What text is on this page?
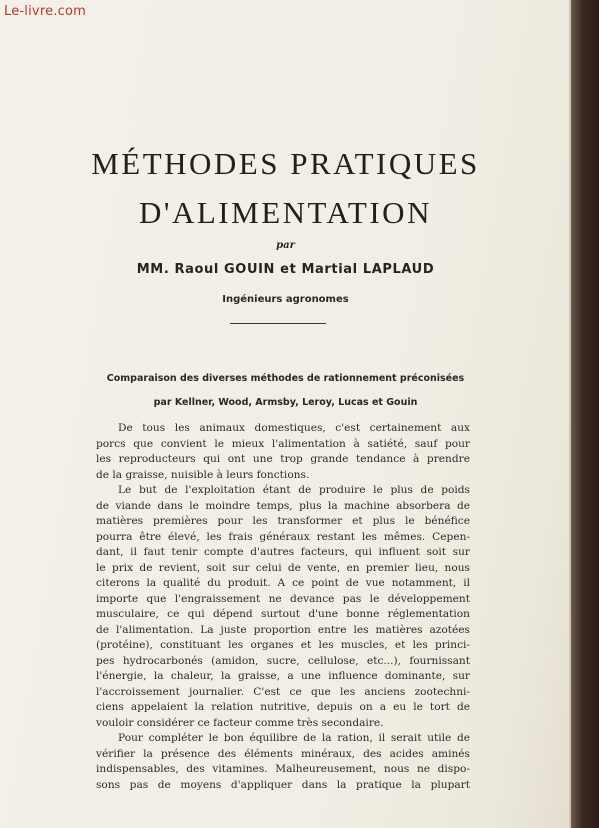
Le-livre.com
MÉTHODES PRATIQUES
D'ALIMENTATION
par
MM. Raoul GOUIN et Martial LAPLAUD
Ingénieurs agronomes
Comparaison des diverses méthodes de rationnement préconisées
par Kellner, Wood, Armsby, Leroy, Lucas et Gouin
De tous les animaux domestiques, c'est certainement aux
porcs que convient le mieux l'alimentation à satiété, sauf pour
les reproducteurs qui ont une trop grande tendance à prendre
de la graisse, nuisible à leurs fonctions.
Le but de l'exploitation étant de produire le plus de poids
de viande dans le moindre temps, plus la machine absorbera de
matières premières pour les transformer et plus le bénéfice
pourra être élevé, les frais généraux restant les mêmes. Cepen-
dant, il faut tenir compte d'autres facteurs, qui influent soit sur
le prix de revient, soit sur celui de vente, en premier lieu, nous
citerons la qualité du produit. A ce point de vue notamment, il
importe que l'engraissement ne devance pas le développement
musculaire, ce qui dépend surtout d'une bonne réglementation
de l'alimentation. La juste proportion entre les matières azotées
(protéine), constituant les organes et les muscles, et les princi-
pes hydrocarbonés (amidon, sucre, cellulose, etc...), fournissant
l'énergie, la chaleur, la graisse, a une influence dominante, sur
l'accroissement journalier. C'est ce que les anciens zootechni-
ciens appelaient la relation nutritive, depuis on a eu le tort de
vouloir considérer ce facteur comme très secondaire.
Pour compléter le bon équilibre de la ration, il serait utile de
vérifier la présence des éléments minéraux, des acides aminés
indispensables, des vitamines. Malheureusement, nous ne dispo-
sons pas de moyens d'appliquer dans la pratique la plupart
